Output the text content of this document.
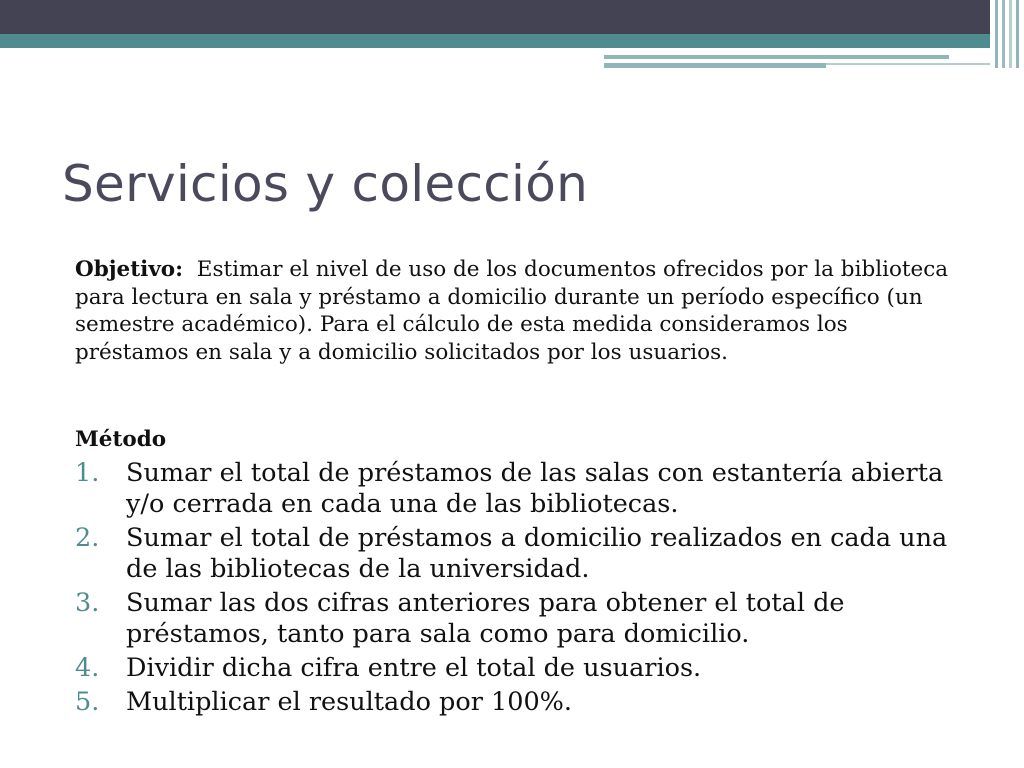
Servicios y colección

Objetivo: Estimar el nivel de uso de los documentos ofrecidos por la biblioteca para lectura en sala y préstamo a domicilio durante un período específico (un semestre académico). Para el cálculo de esta medida consideramos los préstamos en sala y a domicilio solicitados por los usuarios.

Método

1. Sumar el total de préstamos de las salas con estantería abierta y/o cerrada en cada una de las bibliotecas.
2. Sumar el total de préstamos a domicilio realizados en cada una de las bibliotecas de la universidad.
3. Sumar las dos cifras anteriores para obtener el total de préstamos, tanto para sala como para domicilio.
4. Dividir dicha cifra entre el total de usuarios.
5. Multiplicar el resultado por 100%.
